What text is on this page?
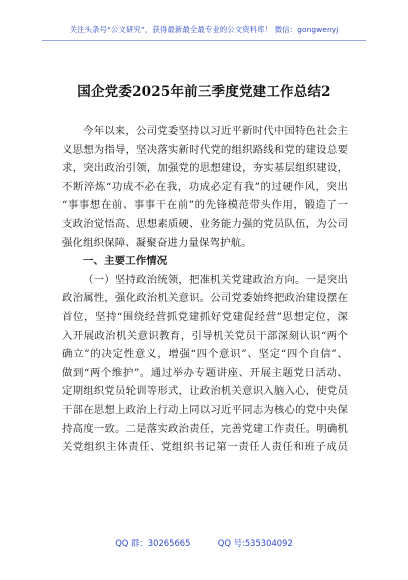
关注头条号“公文研究”，获得最新最全最专业的公文资料库！ 微信：gongwenyj
国企党委2025年前三季度党建工作总结2
今年以来，公司党委坚持以习近平新时代中国特色社会主
义思想为指导，坚决落实新时代党的组织路线和党的建设总要
求，突出政治引领，加强党的思想建设，夯实基层组织建设，
不断淬炼“功成不必在我，功成必定有我”的过硬作风，突出
“事事想在前、事事干在前”的先锋模范带头作用，锻造了一
支政治觉悟高、思想素质硬、业务能力强的党员队伍，为公司
强化组织保障、凝聚奋进力量保驾护航。
一、主要工作情况
（一）坚持政治统领，把准机关党建政治方向。一是突出
政治属性，强化政治机关意识。公司党委始终把政治建设摆在
首位，坚持“围绕经营抓党建抓好党建促经营”思想定位，深
入开展政治机关意识教育，引导机关党员干部深刻认识“两个
确立”的决定性意义，增强“四个意识”、坚定“四个自信”、
做到“两个维护”。通过举办专题讲座、开展主题党日活动、
定期组织党员轮训等形式，让政治机关意识入脑入心，使党员
干部在思想上政治上行动上同以习近平同志为核心的党中央保
持高度一致。二是落实政治责任，完善党建工作责任。明确机
关党组织主体责任、党组织书记第一责任人责任和班子成员
QQ 群：30265665	QQ 号:535304092
